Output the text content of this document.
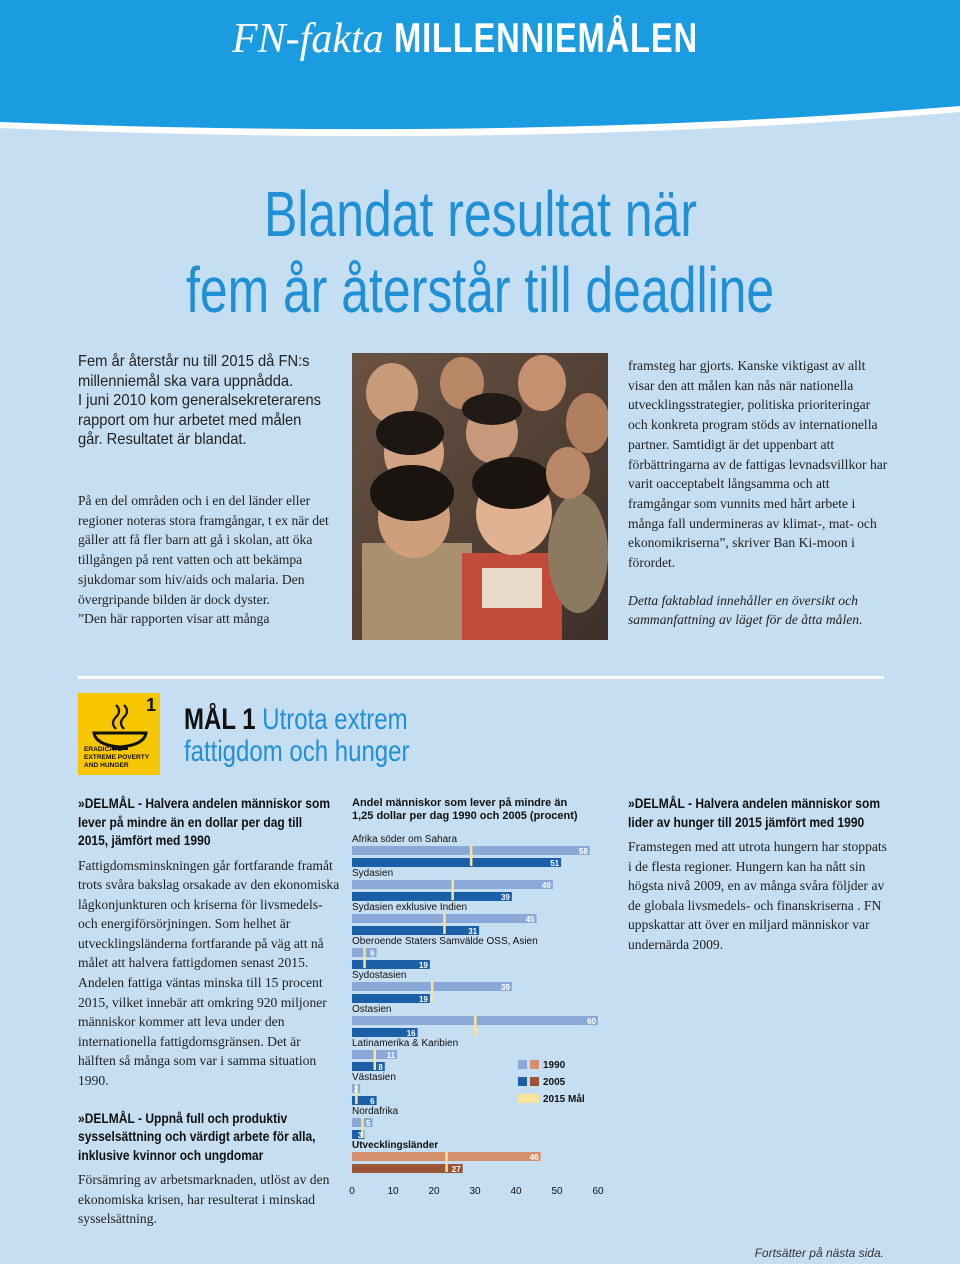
FN-fakta MILLENNIEMÅLEN
Blandat resultat när
fem år återstår till deadline
Fem år återstår nu till 2015 då FN:s
millenniemål ska vara uppnådda.
I juni 2010 kom generalsekreterarens
rapport om hur arbetet med målen
går. Resultatet är blandat.
På en del områden och i en del länder eller regioner noteras stora framgångar, t ex när det gäller att få fler barn att gå i skolan, att öka tillgången på rent vatten och att bekämpa sjukdomar som hiv/aids och malaria. Den övergripande bilden är dock dyster.
”Den här rapporten visar att många
framsteg har gjorts. Kanske viktigast av allt visar den att målen kan nås när nationella utvecklingsstrategier, politiska prioriteringar och konkreta program stöds av internationella partner. Samtidigt är det uppenbart att förbättringarna av de fattigas levnadsvillkor har varit oacceptabelt långsamma och att framgångar som vunnits med hårt arbete i många fall undermineras av klimat-, mat- och ekonomikriserna”, skriver Ban Ki-moon i förordet.
Detta faktablad innehåller en översikt och sammanfattning av läget för de åtta målen.
1
ERADICATE
EXTREME POVERTY
AND HUNGER
MÅL 1 Utrota extrem
fattigdom och hunger
»DELMÅL - Halvera andelen människor som
lever på mindre än en dollar per dag till
2015, jämfört med 1990
Fattigdomsminskningen går fortfarande framåt trots svåra bakslag orsakade av den ekonomiska lågkonjunkturen och kriserna för livsmedels- och energiförsörjningen. Som helhet är utvecklingsländerna fortfarande på väg att nå målet att halvera fattigdomen senast 2015. Andelen fattiga väntas minska till 15 procent 2015, vilket innebär att omkring 920 miljoner människor kommer att leva under den internationella fattigdomsgränsen. Det är hälften så många som var i samma situation 1990.
»DELMÅL - Uppnå full och produktiv
sysselsättning och värdigt arbete för alla,
inklusive kvinnor och ungdomar
Försämring av arbetsmarknaden, utlöst av den ekonomiska krisen, har resulterat i minskad sysselsättning.
Andel människor som lever på mindre än
1,25 dollar per dag 1990 och 2005 (procent)
Afrika söder om Sahara
58
51
Sydasien
49
39
Sydasien exklusive Indien
45
31
Oberoende Staters Samvälde OSS, Asien
6
19
Sydostasien
39
19
Ostasien
60
16
Latinamerika & Karibien
11
8
Västasien
2
6
Nordafrika
5
3
Utvecklingsländer
46
27
0	10	20	30	40	50	60
1990
2005
2015 Mål
»DELMÅL - Halvera andelen människor som
lider av hunger till 2015 jämfört med 1990
Framstegen med att utrota hungern har stoppats i de flesta regioner. Hungern kan ha nått sin högsta nivå 2009, en av många svåra följder av de globala livsmedels- och finanskriserna . FN uppskattar att över en miljard människor var undernärda 2009.
Fortsätter på nästa sida.
